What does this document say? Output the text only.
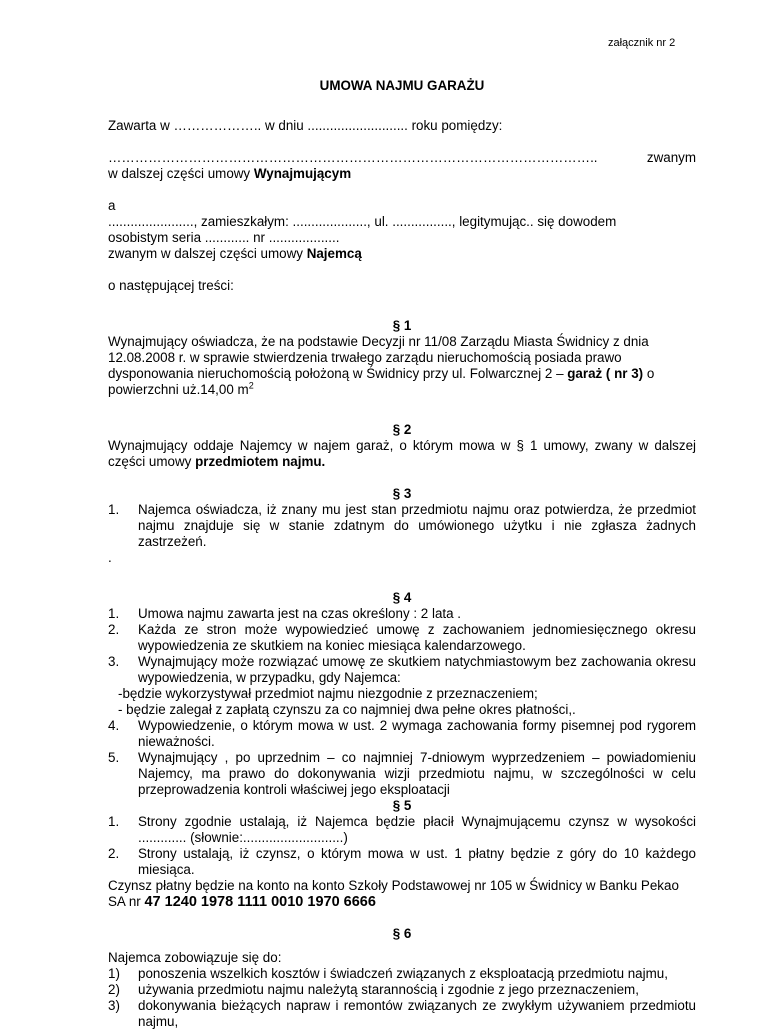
załącznik nr 2

UMOWA NAJMU GARAŻU

Zawarta w ……………….. w dniu ........................... roku pomiędzy:

………………………………………………………………………………………………..	zwanym

w dalszej części umowy Wynajmującym

a

......................., zamieszkałym: ...................., ul. ................, legitymując.. się dowodem

osobistym seria ............ nr ...................

zwanym w dalszej części umowy Najemcą

o następującej treści:

§ 1

Wynajmujący oświadcza, że na podstawie Decyzji nr 11/08 Zarządu Miasta Świdnicy z dnia 12.08.2008 r. w sprawie stwierdzenia trwałego zarządu nieruchomością posiada prawo dysponowania nieruchomością położoną w Świdnicy przy ul. Folwarcznej 2 – garaż ( nr 3) o powierzchni uż.14,00 $m^2$

§ 2

Wynajmujący oddaje Najemcy w najem garaż, o którym mowa w § 1 umowy, zwany w dalszej części umowy przedmiotem najmu.

§ 3

1.	Najemca oświadcza, iż znany mu jest stan przedmiotu najmu oraz potwierdza, że przedmiot najmu znajduje się w stanie zdatnym do umówionego użytku i nie zgłasza żadnych zastrzeżeń.

.

§ 4

1.	Umowa najmu zawarta jest na czas określony : 2 lata .
2.	Każda ze stron może wypowiedzieć umowę z zachowaniem jednomiesięcznego okresu wypowiedzenia ze skutkiem na koniec miesiąca kalendarzowego.
3.	Wynajmujący może rozwiązać umowę ze skutkiem natychmiastowym bez zachowania okresu wypowiedzenia, w przypadku, gdy Najemca:

-będzie wykorzystywał przedmiot najmu niezgodnie z przeznaczeniem;

- będzie zalegał z zapłatą czynszu za co najmniej dwa pełne okres płatności,.

4.	Wypowiedzenie, o którym mowa w ust. 2 wymaga zachowania formy pisemnej pod rygorem nieważności.
5.	Wynajmujący , po uprzednim – co najmniej 7-dniowym wyprzedzeniem – powiadomieniu Najemcy, ma prawo do dokonywania wizji przedmiotu najmu, w szczególności w celu przeprowadzenia kontroli właściwej jego eksploatacji

§ 5

1.	Strony zgodnie ustalają, iż Najemca będzie płacił Wynajmującemu czynsz w wysokości ............. (słownie:...........................)
2.	Strony ustalają, iż czynsz, o którym mowa w ust. 1 płatny będzie z góry do 10 każdego miesiąca.

Czynsz płatny będzie na konto na konto Szkoły Podstawowej nr 105 w Świdnicy w Banku Pekao SA nr 47 1240 1978 1111 0010 1970 6666

§ 6

Najemca zobowiązuje się do:

1)	ponoszenia wszelkich kosztów i świadczeń związanych z eksploatacją przedmiotu najmu,
2)	używania przedmiotu najmu należytą starannością i zgodnie z jego przeznaczeniem,
3)	dokonywania bieżących napraw i remontów związanych ze zwykłym używaniem przedmiotu najmu,
